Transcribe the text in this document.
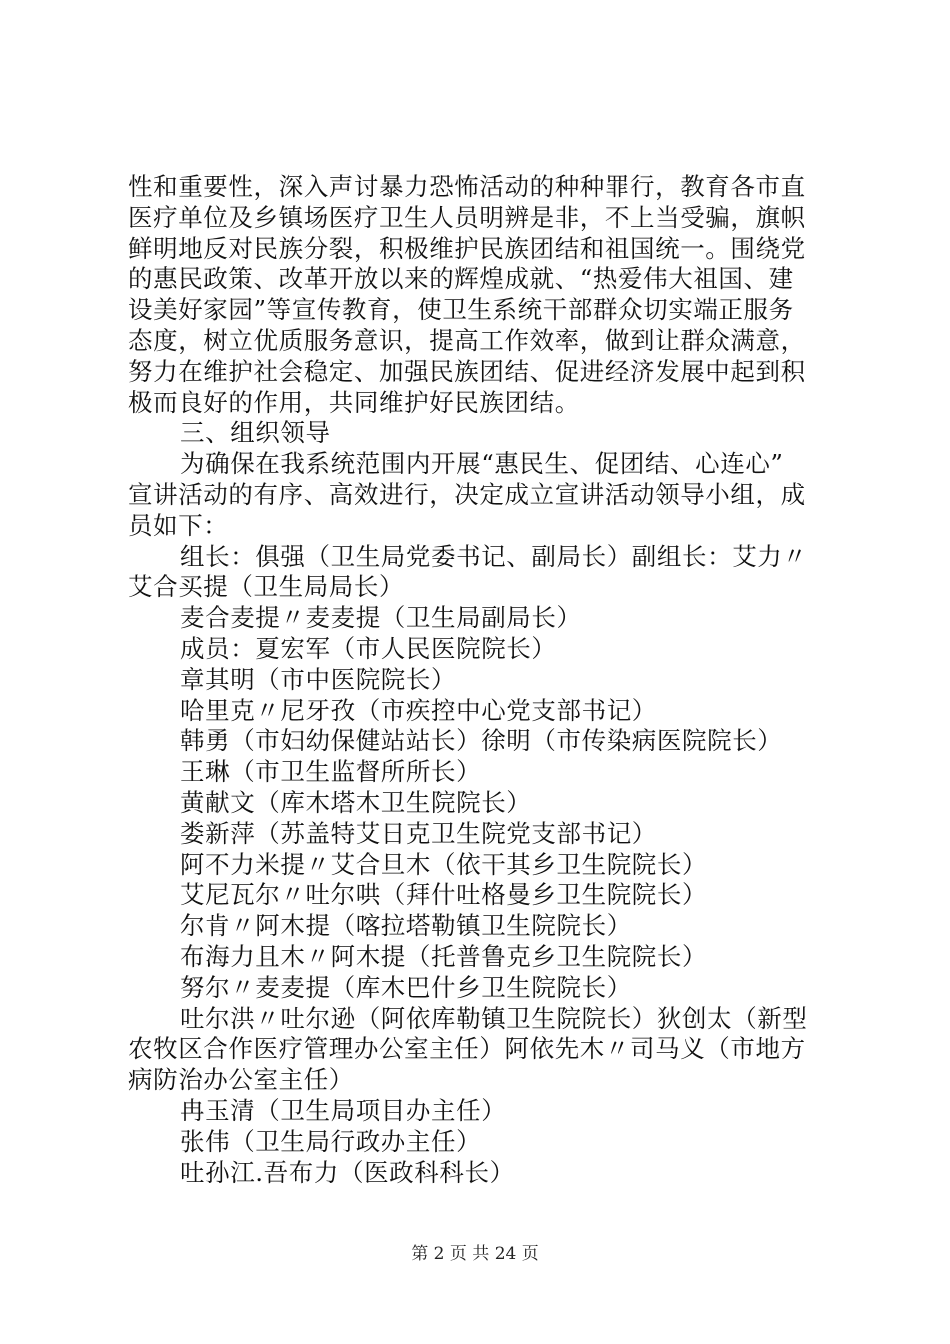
性和重要性，深入声讨暴力恐怖活动的种种罪行，教育各市直
医疗单位及乡镇场医疗卫生人员明辨是非，不上当受骗，旗帜
鲜明地反对民族分裂，积极维护民族团结和祖国统一。围绕党
的惠民政策、改革开放以来的辉煌成就、“热爱伟大祖国、建
设美好家园”等宣传教育，使卫生系统干部群众切实端正服务
态度，树立优质服务意识，提高工作效率，做到让群众满意，
努力在维护社会稳定、加强民族团结、促进经济发展中起到积
极而良好的作用，共同维护好民族团结。
三、组织领导
为确保在我系统范围内开展“惠民生、促团结、心连心”
宣讲活动的有序、高效进行，决定成立宣讲活动领导小组，成
员如下：
组长：俱强（卫生局党委书记、副局长）副组长：艾力〃
艾合买提（卫生局局长）
麦合麦提〃麦麦提（卫生局副局长）
成员：夏宏军（市人民医院院长）
章其明（市中医院院长）
哈里克〃尼牙孜（市疾控中心党支部书记）
韩勇（市妇幼保健站站长）徐明（市传染病医院院长）
王琳（市卫生监督所所长）
黄献文（库木塔木卫生院院长）
娄新萍（苏盖特艾日克卫生院党支部书记）
阿不力米提〃艾合旦木（依干其乡卫生院院长）
艾尼瓦尔〃吐尔哄（拜什吐格曼乡卫生院院长）
尔肯〃阿木提（喀拉塔勒镇卫生院院长）
布海力且木〃阿木提（托普鲁克乡卫生院院长）
努尔〃麦麦提（库木巴什乡卫生院院长）
吐尔洪〃吐尔逊（阿依库勒镇卫生院院长）狄创太（新型
农牧区合作医疗管理办公室主任）阿依先木〃司马义（市地方
病防治办公室主任）
冉玉清（卫生局项目办主任）
张伟（卫生局行政办主任）
吐孙江.吾布力（医政科科长）
第 2 页 共 24 页
